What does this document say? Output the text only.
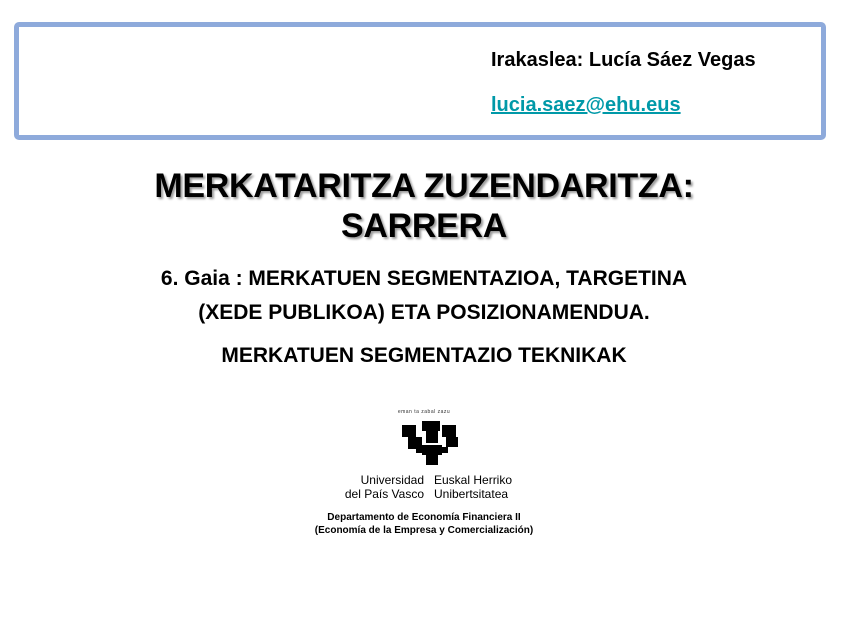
Irakaslea: Lucía Sáez Vegas
lucia.saez@ehu.eus
MERKATARITZA ZUZENDARITZA:
SARRERA
6. Gaia : MERKATUEN SEGMENTAZIOA, TARGETINA
(XEDE PUBLIKOA) ETA POSIZIONAMENDUA.
MERKATUEN SEGMENTAZIO TEKNIKAK
eman ta zabal zazu
Universidad
del País Vasco
Euskal Herriko
Unibertsitatea
Departamento de Economía Financiera II
(Economía de la Empresa y Comercialización)
